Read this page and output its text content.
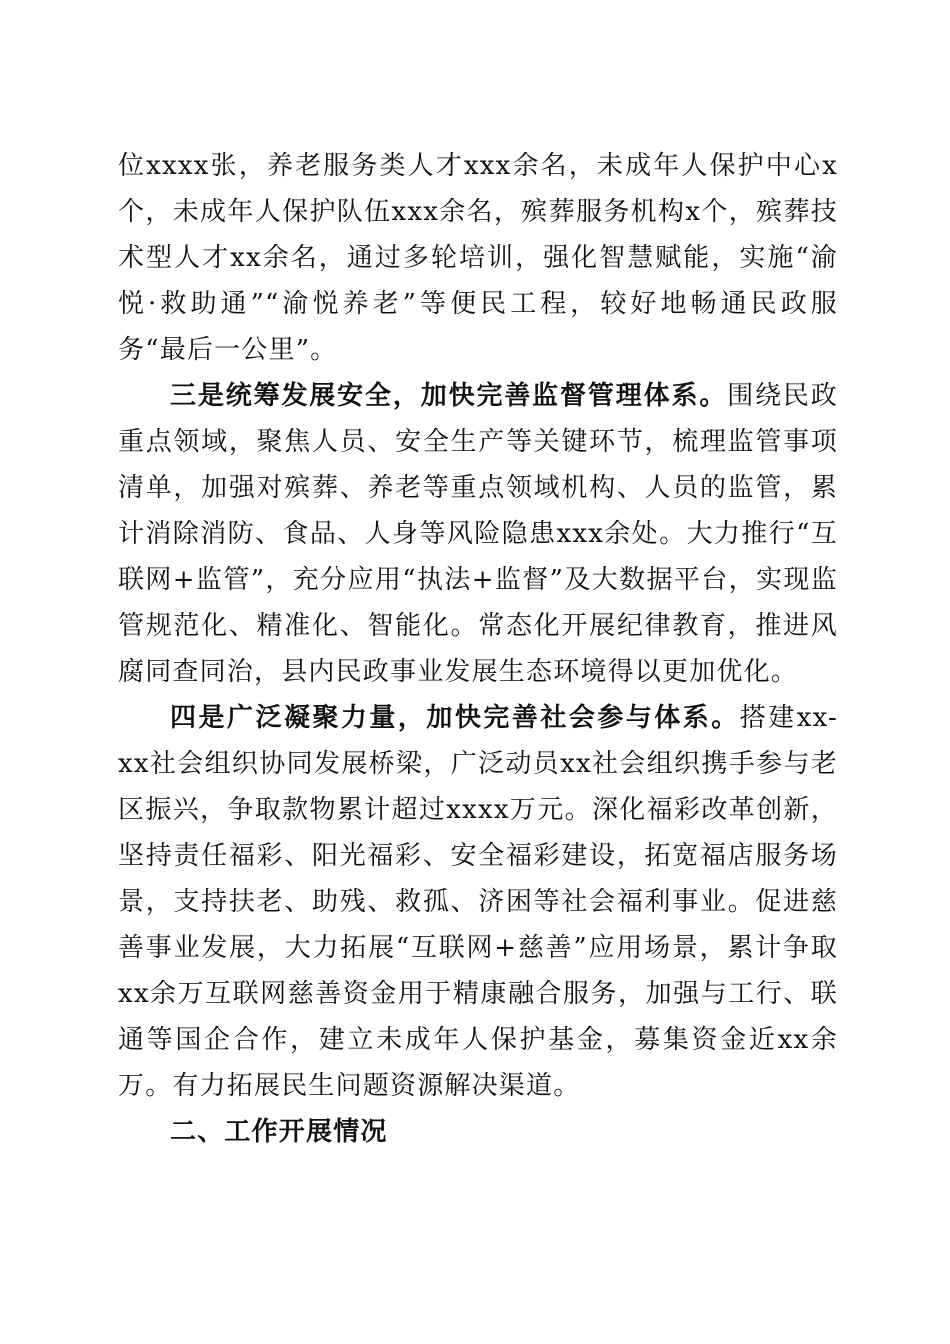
位xxxx张，养老服务类人才xxx余名，未成年人保护中心x个，未成年人保护队伍xxx余名，殡葬服务机构x个，殡葬技术型人才xx余名，通过多轮培训，强化智慧赋能，实施“渝悦·救助通”“渝悦养老”等便民工程，较好地畅通民政服务“最后一公里”。

三是统筹发展安全，加快完善监督管理体系。围绕民政重点领域，聚焦人员、安全生产等关键环节，梳理监管事项清单，加强对殡葬、养老等重点领域机构、人员的监管，累计消除消防、食品、人身等风险隐患xxx余处。大力推行“互联网+监管”，充分应用“执法+监督”及大数据平台，实现监管规范化、精准化、智能化。常态化开展纪律教育，推进风腐同查同治，县内民政事业发展生态环境得以更加优化。

四是广泛凝聚力量，加快完善社会参与体系。搭建xx-xx社会组织协同发展桥梁，广泛动员xx社会组织携手参与老区振兴，争取款物累计超过xxxx万元。深化福彩改革创新，坚持责任福彩、阳光福彩、安全福彩建设，拓宽福店服务场景，支持扶老、助残、救孤、济困等社会福利事业。促进慈善事业发展，大力拓展“互联网+慈善”应用场景，累计争取xx余万互联网慈善资金用于精康融合服务，加强与工行、联通等国企合作，建立未成年人保护基金，募集资金近xx余万。有力拓展民生问题资源解决渠道。

二、工作开展情况
